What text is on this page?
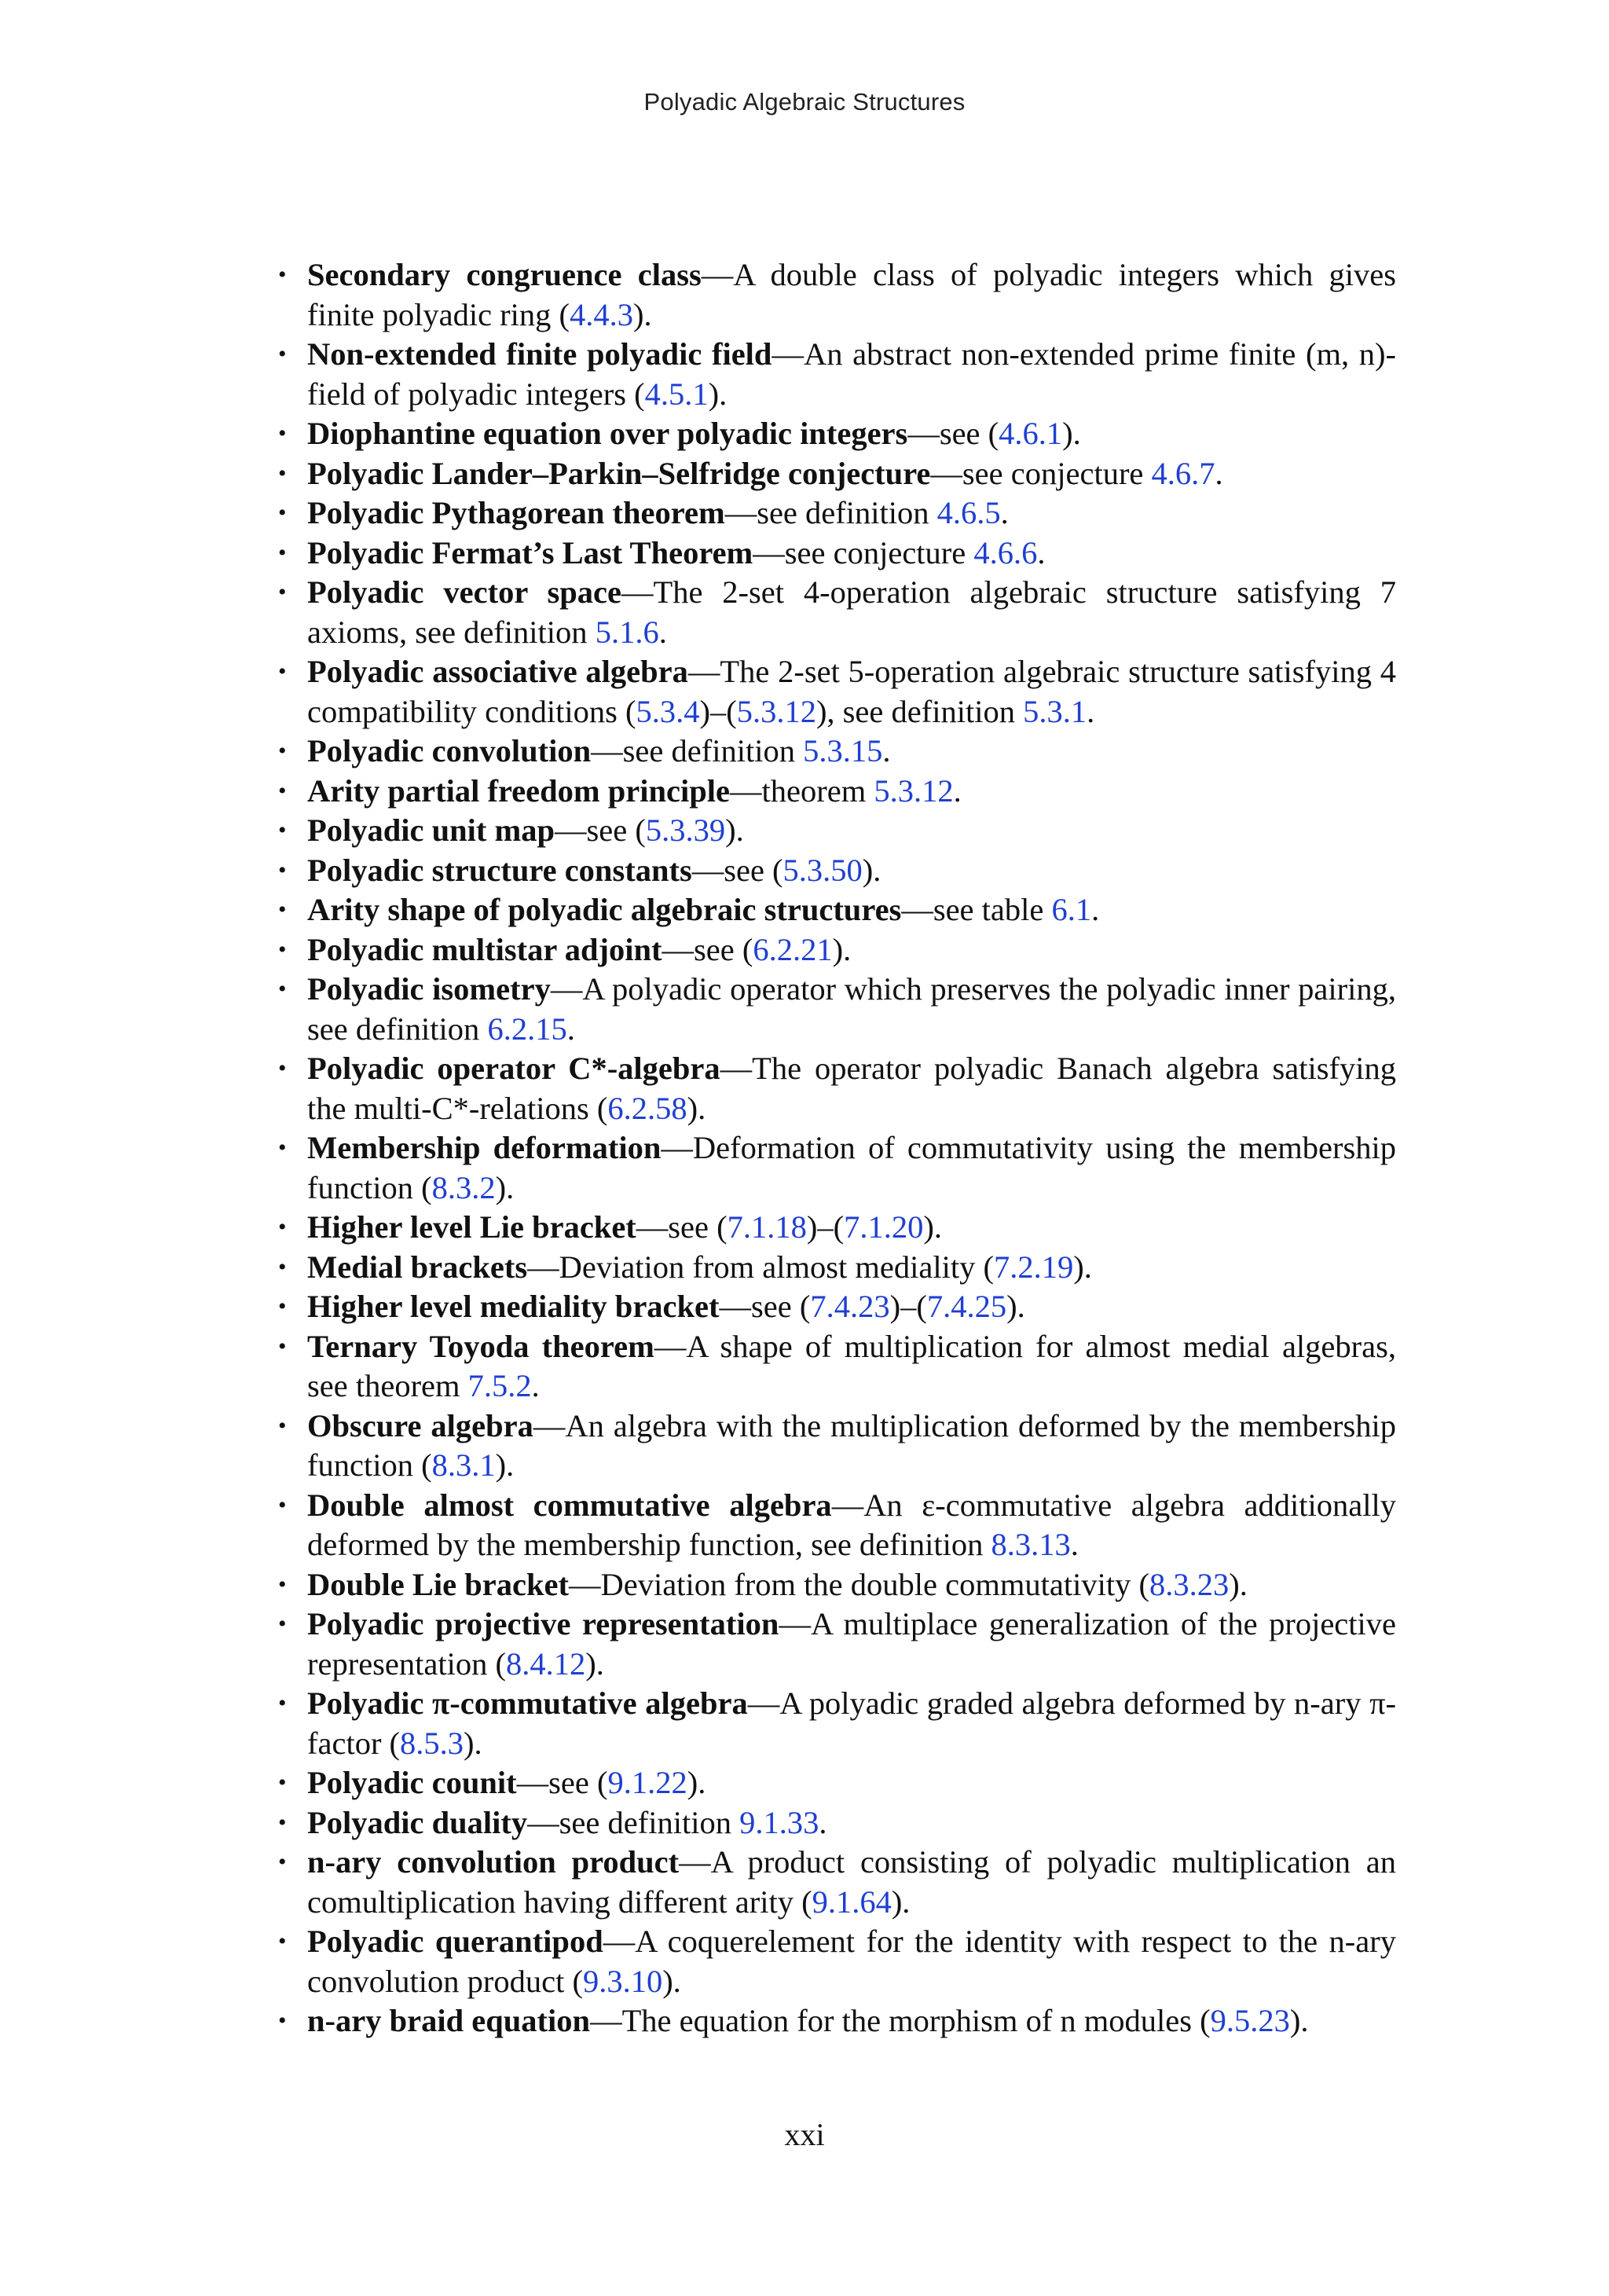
Polyadic Algebraic Structures
• Secondary congruence class—A double class of polyadic integers which gives finite polyadic ring (4.4.3).
• Non-extended finite polyadic field—An abstract non-extended prime finite (m, n)-field of polyadic integers (4.5.1).
• Diophantine equation over polyadic integers—see (4.6.1).
• Polyadic Lander–Parkin–Selfridge conjecture—see conjecture 4.6.7.
• Polyadic Pythagorean theorem—see definition 4.6.5.
• Polyadic Fermat’s Last Theorem—see conjecture 4.6.6.
• Polyadic vector space—The 2-set 4-operation algebraic structure satisfying 7 axioms, see definition 5.1.6.
• Polyadic associative algebra—The 2-set 5-operation algebraic structure satisfying 4 compatibility conditions (5.3.4)–(5.3.12), see definition 5.3.1.
• Polyadic convolution—see definition 5.3.15.
• Arity partial freedom principle—theorem 5.3.12.
• Polyadic unit map—see (5.3.39).
• Polyadic structure constants—see (5.3.50).
• Arity shape of polyadic algebraic structures—see table 6.1.
• Polyadic multistar adjoint—see (6.2.21).
• Polyadic isometry—A polyadic operator which preserves the polyadic inner pairing, see definition 6.2.15.
• Polyadic operator C*-algebra—The operator polyadic Banach algebra satisfying the multi-C*-relations (6.2.58).
• Membership deformation—Deformation of commutativity using the membership function (8.3.2).
• Higher level Lie bracket—see (7.1.18)–(7.1.20).
• Medial brackets—Deviation from almost mediality (7.2.19).
• Higher level mediality bracket—see (7.4.23)–(7.4.25).
• Ternary Toyoda theorem—A shape of multiplication for almost medial algebras, see theorem 7.5.2.
• Obscure algebra—An algebra with the multiplication deformed by the membership function (8.3.1).
• Double almost commutative algebra—An ε-commutative algebra additionally deformed by the membership function, see definition 8.3.13.
• Double Lie bracket—Deviation from the double commutativity (8.3.23).
• Polyadic projective representation—A multiplace generalization of the projective representation (8.4.12).
• Polyadic π-commutative algebra—A polyadic graded algebra deformed by n-ary π-factor (8.5.3).
• Polyadic counit—see (9.1.22).
• Polyadic duality—see definition 9.1.33.
• n-ary convolution product—A product consisting of polyadic multiplication an comultiplication having different arity (9.1.64).
• Polyadic querantipod—A coquerelement for the identity with respect to the n-ary convolution product (9.3.10).
• n-ary braid equation—The equation for the morphism of n modules (9.5.23).
xxi
